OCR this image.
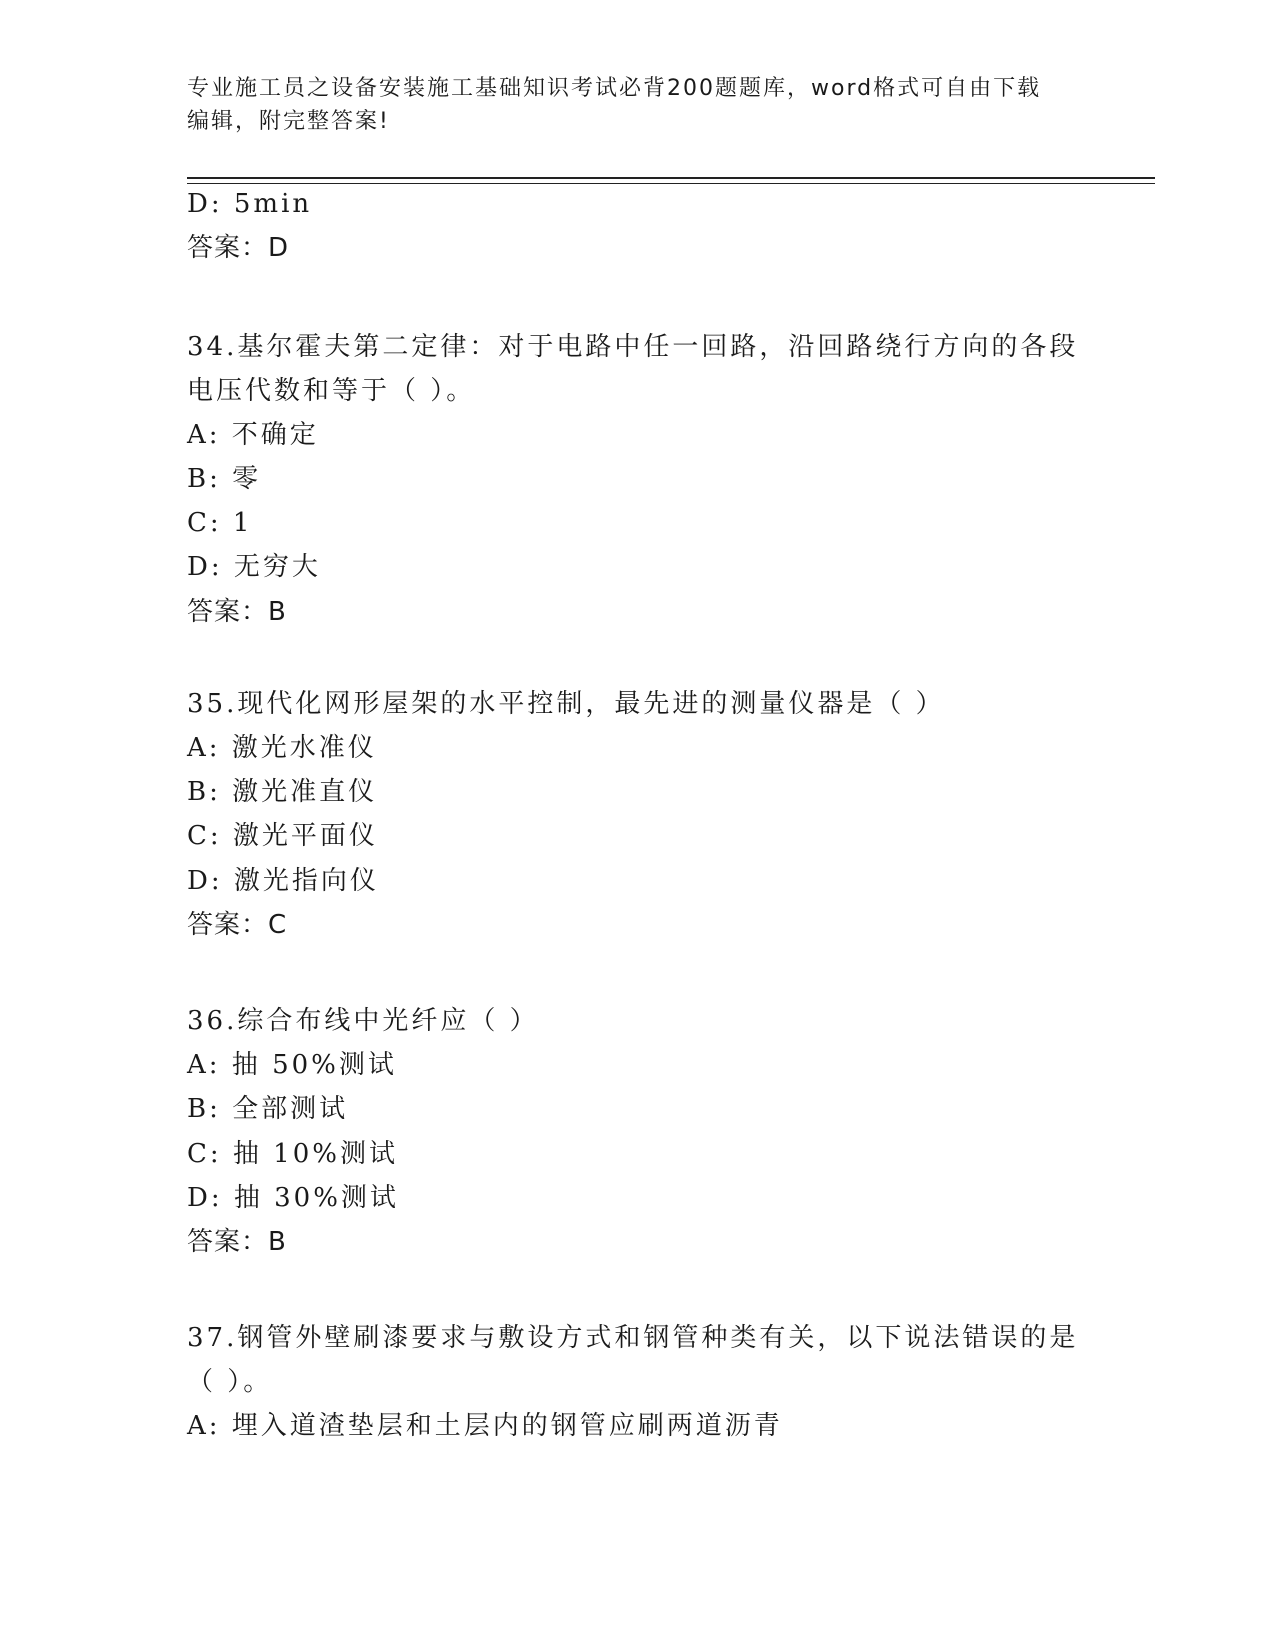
专业施工员之设备安装施工基础知识考试必背200题题库，word格式可自由下载
编辑，附完整答案!
D: 5min
答案：D
34.基尔霍夫第二定律：对于电路中任一回路，沿回路绕行方向的各段
电压代数和等于（ ）。
A: 不确定
B: 零
C: 1
D: 无穷大
答案：B
35.现代化网形屋架的水平控制，最先进的测量仪器是（ ）
A: 激光水准仪
B: 激光准直仪
C: 激光平面仪
D: 激光指向仪
答案：C
36.综合布线中光纤应（ ）
A: 抽 50%测试
B: 全部测试
C: 抽 10%测试
D: 抽 30%测试
答案：B
37.钢管外壁刷漆要求与敷设方式和钢管种类有关，以下说法错误的是
（ ）。
A: 埋入道渣垫层和土层内的钢管应刷两道沥青
